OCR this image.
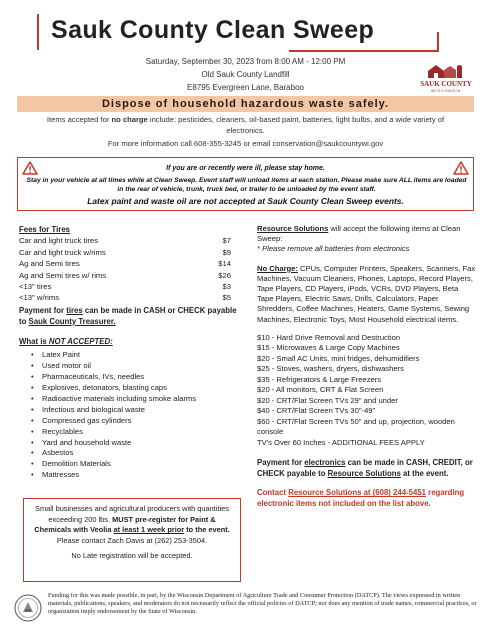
Sauk County Clean Sweep
Saturday, September 30, 2023 from 8:00 AM - 12:00 PM
Old Sauk County Landfill
E8795 Evergreen Lane, Baraboo	SAUK COUNTY
WISCONSIN
Dispose of household hazardous waste safely.
Items accepted for no charge include: pesticides, cleaners, oil-based paint, batteries, light bulbs, and a wide variety of electronics.
For more information call 608-355-3245 or email conservation@saukcountywi.gov
If you are or recently were ill, please stay home.
Stay in your vehicle at all times while at Clean Sweep. Event staff will unload items at each station. Please make sure ALL items are loaded in the rear of vehicle, trunk, truck bed, or trailer to be unloaded by the event staff.
Latex paint and waste oil are not accepted at Sauk County Clean Sweep events.
Fees for Tires
Car and light truck tires	$7
Car and light truck w/rims	$9
Ag and Semi tires	$14
Ag and Semi tires w/ rims	$26
<13" tires	$3
<13" w/rims	$5
Payment for tires can be made in CASH or CHECK payable to Sauk County Treasurer.
What is NOT ACCEPTED:
• Latex Paint
• Used motor oil
• Pharmaceuticals, IVs, needles
• Explosives, detonators, blasting caps
• Radioactive materials including smoke alarms
• Infectious and biological waste
• Compressed gas cylinders
• Recyclables
• Yard and household waste
• Asbestos
• Demolition Materials
• Mattresses
Small businesses and agricultural producers with quantities exceeding 200 lbs. MUST pre-register for Paint & Chemicals with Veolia at least 1 week prior to the event. Please contact Zach Davis at (262) 253-3504.
No Late registration will be accepted.
Resource Solutions will accept the following items at Clean Sweep:
* Please remove all batteries from electronics
No Charge: CPUs, Computer Printers, Speakers, Scanners, Fax Machines, Vacuum Cleaners, Phones, Laptops, Record Players, Tape Players, CD Players, iPods, VCRs, DVD Players, Beta Tape Players, Electric Saws, Drills, Calculators, Paper Shredders, Coffee Machines, Heaters, Game Systems, Sewing Machines, Electronic Toys, Most Household electrical items.
$10 - Hard Drive Removal and Destruction
$15 - Microwaves & Large Copy Machines
$20 - Small AC Units, mini fridges, dehumidifiers
$25 - Stoves, washers, dryers, dishwashers
$35 - Refrigerators & Large Freezers
$20 - All monitors, CRT & Flat Screen
$20 - CRT/Flat Screen TVs 29" and under
$40 - CRT/Flat Screen TVs 30"-49"
$60 - CRT/Flat Screen TVs 50" and up, projection, wooden console
TV's Over 60 Inches - ADDITIONAL FEES APPLY
Payment for electronics can be made in CASH, CREDIT, or CHECK payable to Resource Solutions at the event.
Contact Resource Solutions at (608) 244-5451 regarding electronic items not included on the list above.
Funding for this was made possible, in part, by the Wisconsin Department of Agriculture Trade and Consumer Protection (DATCP). The views expressed in written materials, publications, speakers, and moderators do not necessarily reflect the official policies of DATCP; nor does any mention of trade names, commercial practices, or organization imply endorsement by the State of Wisconsin.
